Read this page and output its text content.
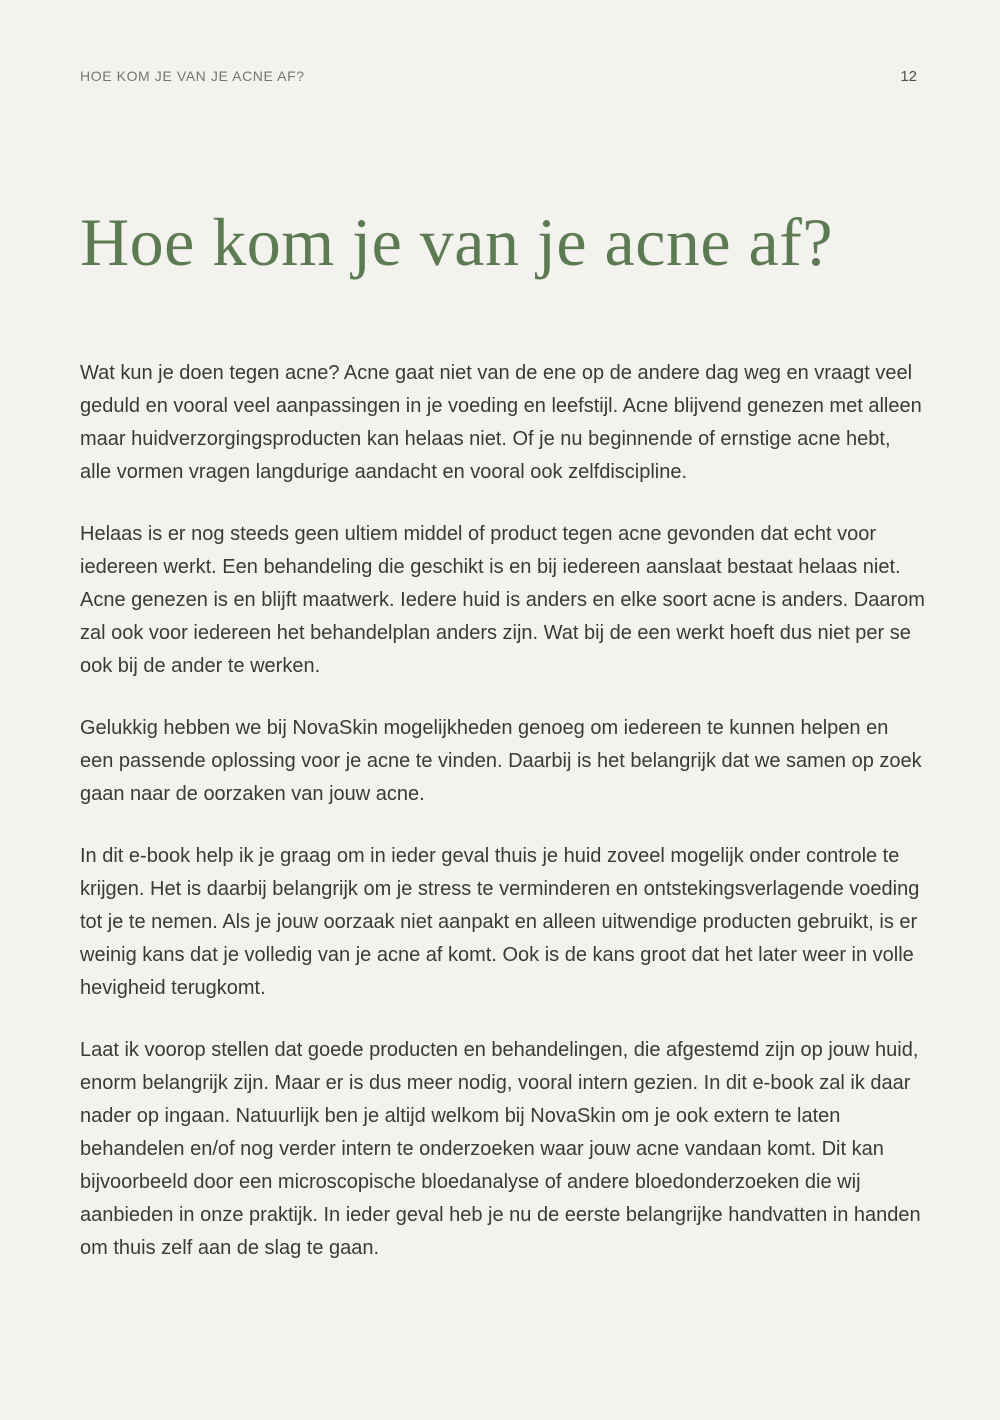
HOE KOM JE VAN JE ACNE AF?	12
Hoe kom je van je acne af?

Wat kun je doen tegen acne? Acne gaat niet van de ene op de andere dag weg en vraagt veel geduld en vooral veel aanpassingen in je voeding en leefstijl. Acne blijvend genezen met alleen maar huidverzorgingsproducten kan helaas niet. Of je nu beginnende of ernstige acne hebt, alle vormen vragen langdurige aandacht en vooral ook zelfdiscipline.

Helaas is er nog steeds geen ultiem middel of product tegen acne gevonden dat echt voor iedereen werkt. Een behandeling die geschikt is en bij iedereen aanslaat bestaat helaas niet. Acne genezen is en blijft maatwerk. Iedere huid is anders en elke soort acne is anders. Daarom zal ook voor iedereen het behandelplan anders zijn. Wat bij de een werkt hoeft dus niet per se ook bij de ander te werken.

Gelukkig hebben we bij NovaSkin mogelijkheden genoeg om iedereen te kunnen helpen en een passende oplossing voor je acne te vinden. Daarbij is het belangrijk dat we samen op zoek gaan naar de oorzaken van jouw acne.

In dit e-book help ik je graag om in ieder geval thuis je huid zoveel mogelijk onder controle te krijgen. Het is daarbij belangrijk om je stress te verminderen en ontstekingsverlagende voeding tot je te nemen. Als je jouw oorzaak niet aanpakt en alleen uitwendige producten gebruikt, is er weinig kans dat je volledig van je acne af komt. Ook is de kans groot dat het later weer in volle hevigheid terugkomt.

Laat ik voorop stellen dat goede producten en behandelingen, die afgestemd zijn op jouw huid, enorm belangrijk zijn. Maar er is dus meer nodig, vooral intern gezien. In dit e-book zal ik daar nader op ingaan. Natuurlijk ben je altijd welkom bij NovaSkin om je ook extern te laten behandelen en/of nog verder intern te onderzoeken waar jouw acne vandaan komt. Dit kan bijvoorbeeld door een microscopische bloedanalyse of andere bloedonderzoeken die wij aanbieden in onze praktijk. In ieder geval heb je nu de eerste belangrijke handvatten in handen om thuis zelf aan de slag te gaan.
